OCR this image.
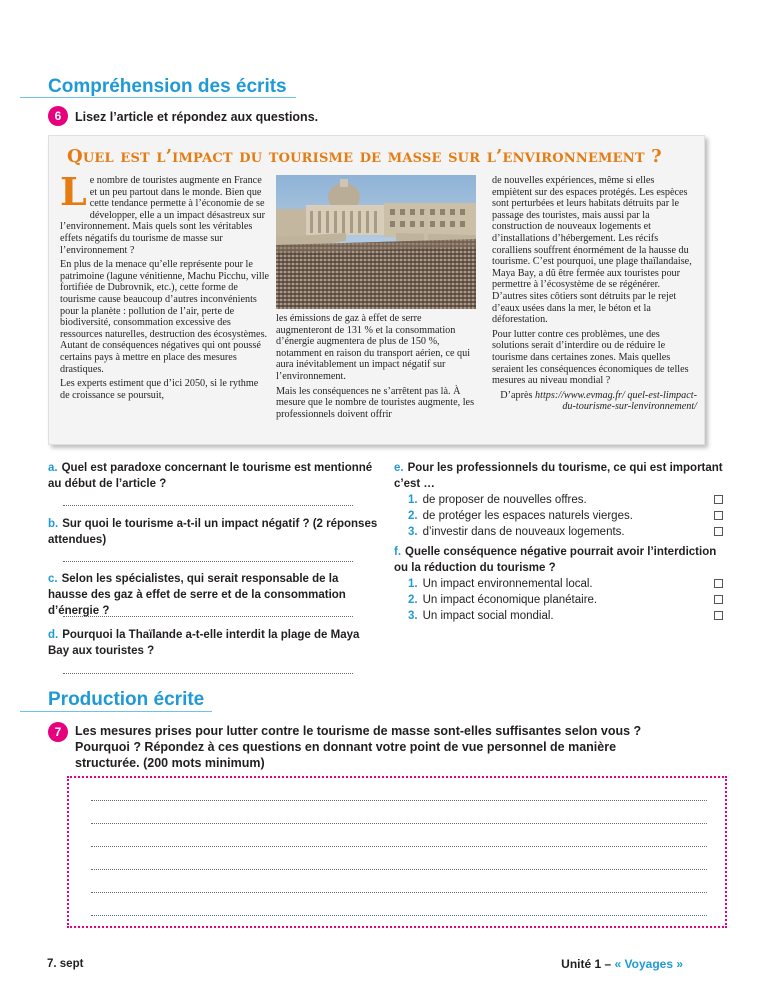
Compréhension des écrits
6	Lisez l’article et répondez aux questions.
Quel est l’impact du tourisme de masse sur l’environnement ?

Le nombre de touristes augmente en France et un peu partout dans le monde. Bien que cette tendance permette à l’économie de se développer, elle a un impact désastreux sur l’environnement. Mais quels sont les véritables effets négatifs du tourisme de masse sur l’environnement ?

En plus de la menace qu’elle représente pour le patrimoine (lagune vénitienne, Machu Picchu, ville fortifiée de Dubrovnik, etc.), cette forme de tourisme cause beaucoup d’autres inconvénients pour la planète : pollution de l’air, perte de biodiversité, consommation excessive des ressources naturelles, destruction des écosystèmes. Autant de conséquences négatives qui ont poussé certains pays à mettre en place des mesures drastiques.

Les experts estiment que d’ici 2050, si le rythme de croissance se poursuit,

les émissions de gaz à effet de serre augmenteront de 131 % et la consommation d’énergie augmentera de plus de 150 %, notamment en raison du transport aérien, ce qui aura inévitablement un impact négatif sur l’environnement.

Mais les conséquences ne s’arrêtent pas là. À mesure que le nombre de touristes augmente, les professionnels doivent offrir

de nouvelles expériences, même si elles empiètent sur des espaces protégés. Les espèces sont perturbées et leurs habitats détruits par le passage des touristes, mais aussi par la construction de nouveaux logements et d’installations d’hébergement. Les récifs coralliens souffrent énormément de la hausse du tourisme. C’est pourquoi, une plage thaïlandaise, Maya Bay, a dû être fermée aux touristes pour permettre à l’écosystème de se régénérer. D’autres sites côtiers sont détruits par le rejet d’eaux usées dans la mer, le béton et la déforestation.

Pour lutter contre ces problèmes, une des solutions serait d’interdire ou de réduire le tourisme dans certaines zones. Mais quelles seraient les conséquences économiques de telles mesures au niveau mondial ?

D’après https://www.evmag.fr/ quel-est-limpact-du-tourisme-sur-lenvironnement/

a. Quel est paradoxe concernant le tourisme est mentionné au début de l’article ?
b. Sur quoi le tourisme a-t-il un impact négatif ? (2 réponses attendues)
c. Selon les spécialistes, qui serait responsable de la hausse des gaz à effet de serre et de la consommation d’énergie ?
d. Pourquoi la Thaïlande a-t-elle interdit la plage de Maya Bay aux touristes ?
e. Pour les professionnels du tourisme, ce qui est important c’est …
1. de proposer de nouvelles offres.
2. de protéger les espaces naturels vierges.
3. d’investir dans de nouveaux logements.
f. Quelle conséquence négative pourrait avoir l’interdiction ou la réduction du tourisme ?
1. Un impact environnemental local.
2. Un impact économique planétaire.
3. Un impact social mondial.
Production écrite
7	Les mesures prises pour lutter contre le tourisme de masse sont-elles suffisantes selon vous ? Pourquoi ? Répondez à ces questions en donnant votre point de vue personnel de manière structurée. (200 mots minimum)
7. sept	Unité 1 – « Voyages »
